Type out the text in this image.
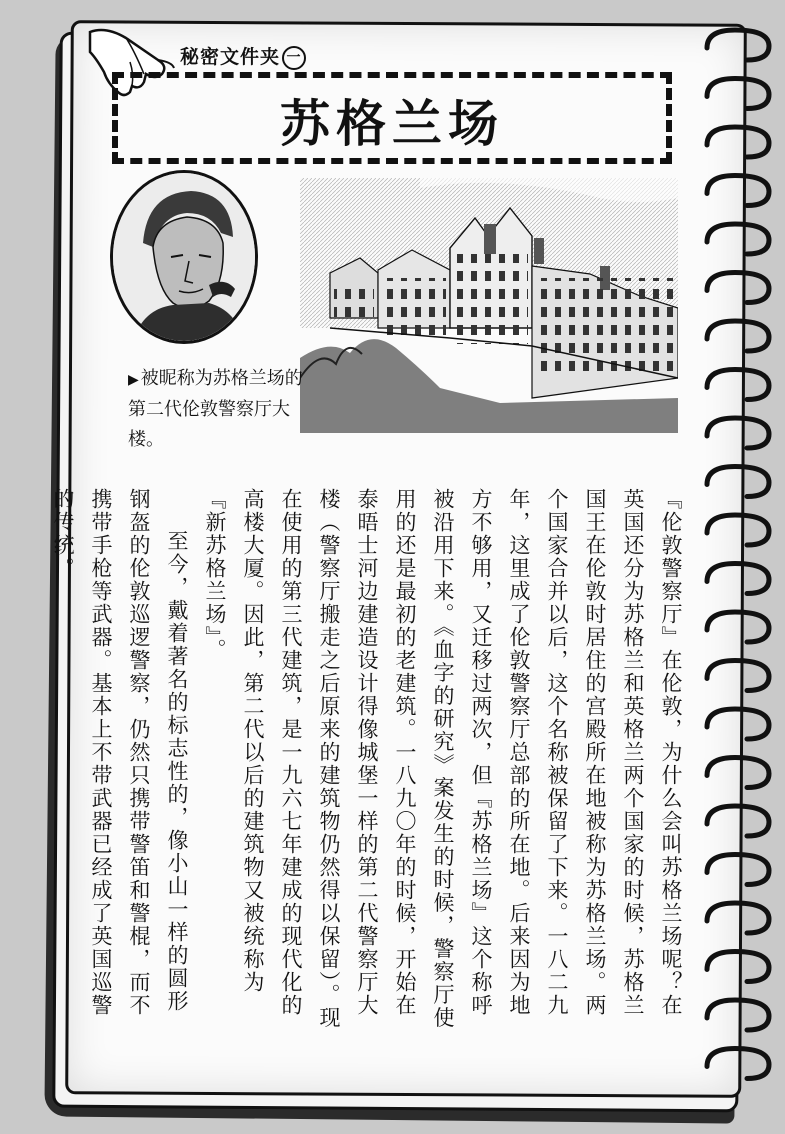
秘密文件夹 一
苏格兰场
▶ 被昵称为苏格兰场的第二代伦敦警察厅大楼。

『伦敦警察厅』在伦敦，为什么会叫苏格兰场呢？在英国还分为苏格兰和英格兰两个国家的时候，苏格兰国王在伦敦时居住的宫殿所在地被称为苏格兰场。两个国家合并以后，这个名称被保留了下来。一八二九年，这里成了伦敦警察厅总部的所在地。后来因为地方不够用，又迁移过两次，但『苏格兰场』这个称呼被沿用下来。《血字的研究》案发生的时候，警察厅使用的还是最初的老建筑。一八九〇年的时候，开始在泰晤士河边建造设计得像城堡一样的第二代警察厅大楼（警察厅搬走之后原来的建筑物仍然得以保留）。现在使用的第三代建筑，是一九六七年建成的现代化的高楼大厦。因此，第二代以后的建筑物又被统称为『新苏格兰场』。

至今，戴着著名的标志性的，像小山一样的圆形钢盔的伦敦巡逻警察，仍然只携带警笛和警棍，而不携带手枪等武器。基本上不带武器已经成了英国巡警的传统。
